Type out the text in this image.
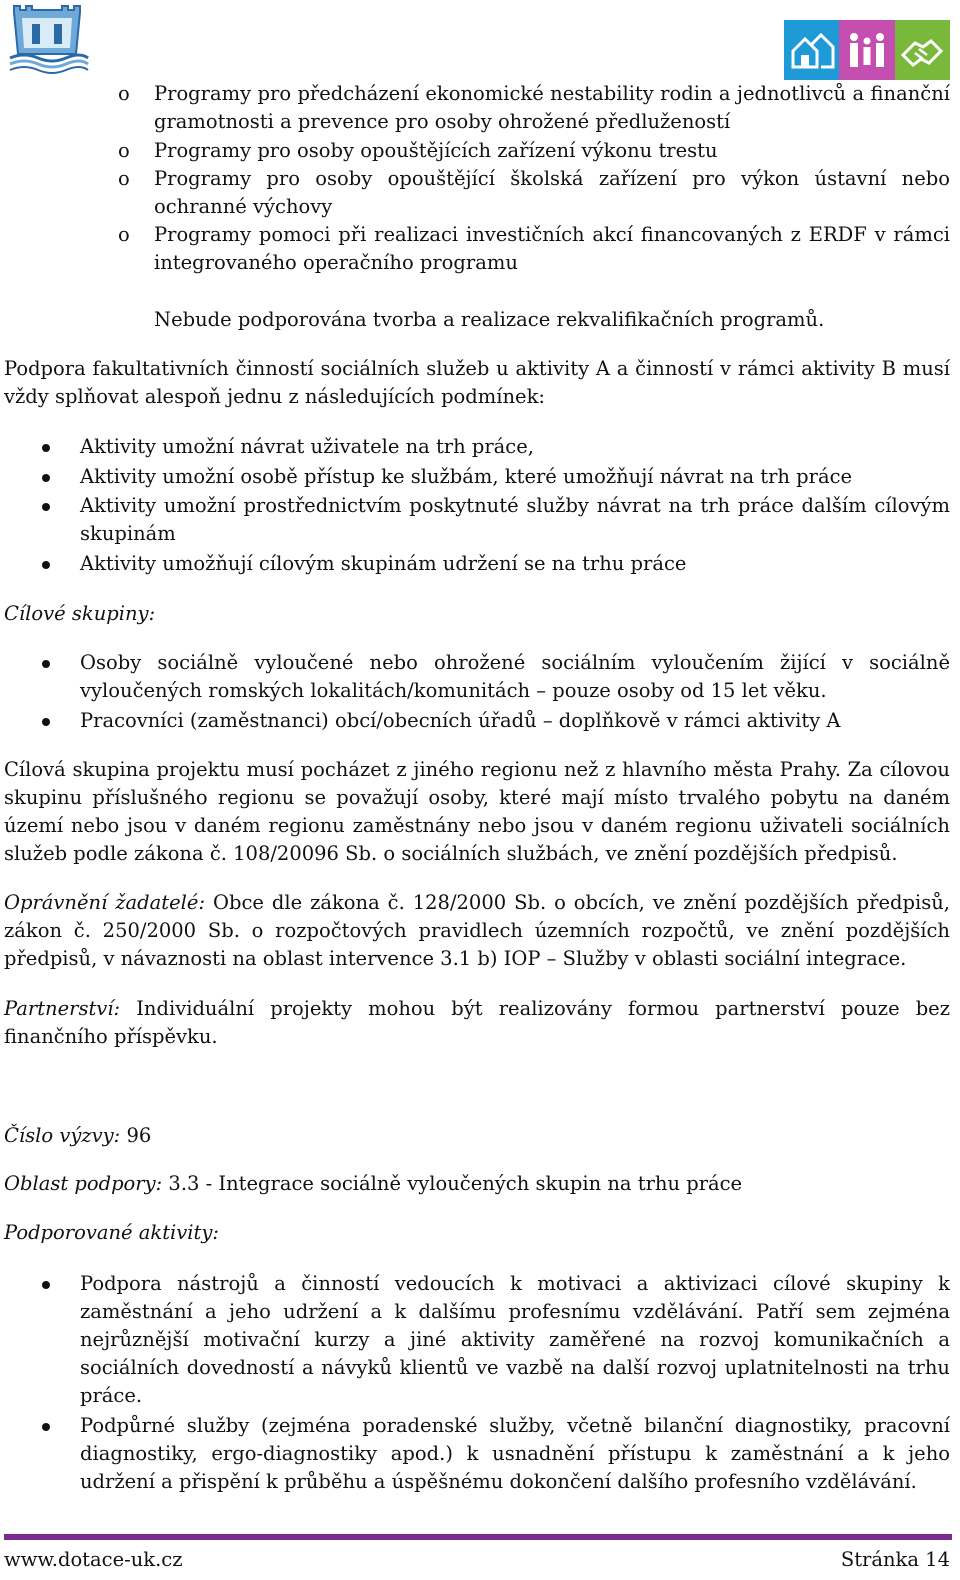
o Programy pro předcházení ekonomické nestability rodin a jednotlivců a finanční gramotnosti a prevence pro osoby ohrožené předlužeností
o Programy pro osoby opouštějících zařízení výkonu trestu
o Programy pro osoby opouštějící školská zařízení pro výkon ústavní nebo ochranné výchovy
o Programy pomoci při realizaci investičních akcí financovaných z ERDF v rámci integrovaného operačního programu
Nebude podporována tvorba a realizace rekvalifikačních programů.
Podpora fakultativních činností sociálních služeb u aktivity A a činností v rámci aktivity B musí vždy splňovat alespoň jednu z následujících podmínek:
Aktivity umožní návrat uživatele na trh práce,
Aktivity umožní osobě přístup ke službám, které umožňují návrat na trh práce
Aktivity umožní prostřednictvím poskytnuté služby návrat na trh práce dalším cílovým skupinám
Aktivity umožňují cílovým skupinám udržení se na trhu práce
Cílové skupiny:
Osoby sociálně vyloučené nebo ohrožené sociálním vyloučením žijící v sociálně vyloučených romských lokalitách/komunitách – pouze osoby od 15 let věku.
Pracovníci (zaměstnanci) obcí/obecních úřadů – doplňkově v rámci aktivity A
Cílová skupina projektu musí pocházet z jiného regionu než z hlavního města Prahy. Za cílovou skupinu příslušného regionu se považují osoby, které mají místo trvalého pobytu na daném území nebo jsou v daném regionu zaměstnány nebo jsou v daném regionu uživateli sociálních služeb podle zákona č. 108/20096 Sb. o sociálních službách, ve znění pozdějších předpisů.
Oprávnění žadatelé: Obce dle zákona č. 128/2000 Sb. o obcích, ve znění pozdějších předpisů, zákon č. 250/2000 Sb. o rozpočtových pravidlech územních rozpočtů, ve znění pozdějších předpisů, v návaznosti na oblast intervence 3.1 b) IOP – Služby v oblasti sociální integrace.
Partnerství: Individuální projekty mohou být realizovány formou partnerství pouze bez finančního příspěvku.
Číslo výzvy: 96
Oblast podpory: 3.3 - Integrace sociálně vyloučených skupin na trhu práce
Podporované aktivity:
Podpora nástrojů a činností vedoucích k motivaci a aktivizaci cílové skupiny k zaměstnání a jeho udržení a k dalšímu profesnímu vzdělávání. Patří sem zejména nejrůznější motivační kurzy a jiné aktivity zaměřené na rozvoj komunikačních a sociálních dovedností a návyků klientů ve vazbě na další rozvoj uplatnitelnosti na trhu práce.
Podpůrné služby (zejména poradenské služby, včetně bilanční diagnostiky, pracovní diagnostiky, ergo-diagnostiky apod.) k usnadnění přístupu k zaměstnání a k jeho udržení a přispění k průběhu a úspěšnému dokončení dalšího profesního vzdělávání.
www.dotace-uk.cz	Stránka 14
